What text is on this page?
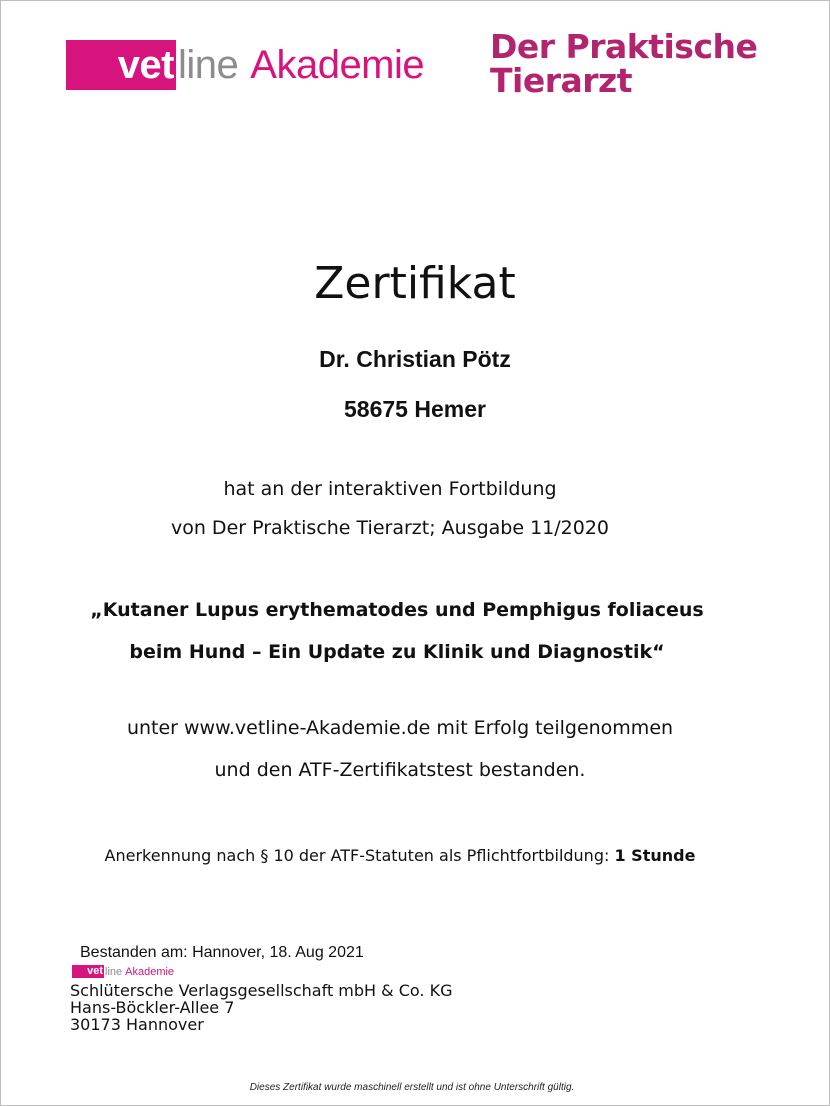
vet line Akademie Der Praktische
Tierarzt
Zertifikat
Dr. Christian Pötz
58675 Hemer
hat an der interaktiven Fortbildung
von Der Praktische Tierarzt; Ausgabe 11/2020
„Kutaner Lupus erythematodes und Pemphigus foliaceus
beim Hund – Ein Update zu Klinik und Diagnostik“
unter www.vetline-Akademie.de mit Erfolg teilgenommen
und den ATF-Zertifikatstest bestanden.
Anerkennung nach § 10 der ATF-Statuten als Pflichtfortbildung: 1 Stunde
Bestanden am: Hannover, 18. Aug 2021
vet line Akademie
Schlütersche Verlagsgesellschaft mbH & Co. KG
Hans-Böckler-Allee 7
30173 Hannover
Dieses Zertifikat wurde maschinell erstellt und ist ohne Unterschrift gültig.
